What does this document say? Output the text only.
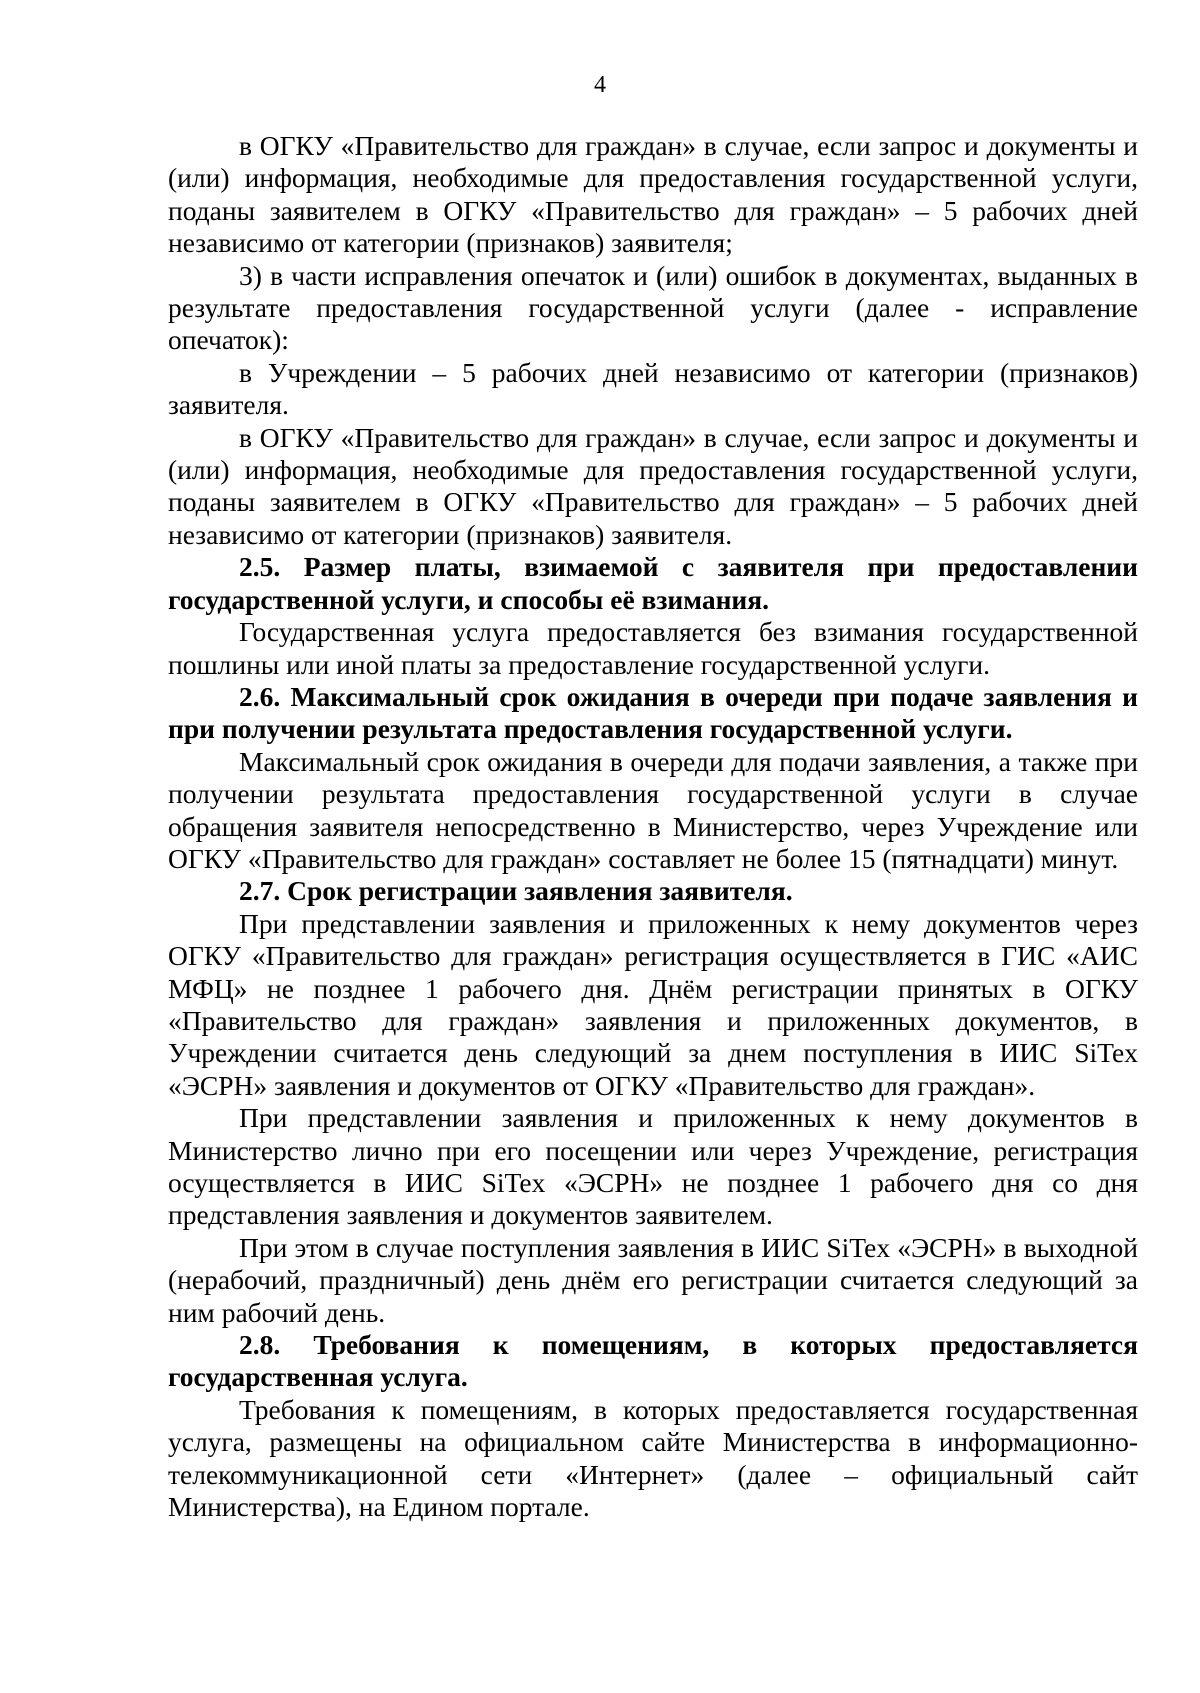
4

в ОГКУ «Правительство для граждан» в случае, если запрос и документы и (или) информация, необходимые для предоставления государственной услуги, поданы заявителем в ОГКУ «Правительство для граждан» – 5 рабочих дней независимо от категории (признаков) заявителя;

3) в части исправления опечаток и (или) ошибок в документах, выданных в результате предоставления государственной услуги (далее - исправление опечаток):

в Учреждении – 5 рабочих дней независимо от категории (признаков) заявителя.

в ОГКУ «Правительство для граждан» в случае, если запрос и документы и (или) информация, необходимые для предоставления государственной услуги, поданы заявителем в ОГКУ «Правительство для граждан» – 5 рабочих дней независимо от категории (признаков) заявителя.

2.5. Размер платы, взимаемой с заявителя при предоставлении государственной услуги, и способы её взимания.

Государственная услуга предоставляется без взимания государственной пошлины или иной платы за предоставление государственной услуги.

2.6. Максимальный срок ожидания в очереди при подаче заявления и при получении результата предоставления государственной услуги.

Максимальный срок ожидания в очереди для подачи заявления, а также при получении результата предоставления государственной услуги в случае обращения заявителя непосредственно в Министерство, через Учреждение или ОГКУ «Правительство для граждан» составляет не более 15 (пятнадцати) минут.

2.7. Срок регистрации заявления заявителя.

При представлении заявления и приложенных к нему документов через ОГКУ «Правительство для граждан» регистрация осуществляется в ГИС «АИС МФЦ» не позднее 1 рабочего дня. Днём регистрации принятых в ОГКУ «Правительство для граждан» заявления и приложенных документов, в Учреждении считается день следующий за днем поступления в ИИС SiTex «ЭСРН» заявления и документов от ОГКУ «Правительство для граждан».

При представлении заявления и приложенных к нему документов в Министерство лично при его посещении или через Учреждение, регистрация осуществляется в ИИС SiTex «ЭСРН» не позднее 1 рабочего дня со дня представления заявления и документов заявителем.

При этом в случае поступления заявления в ИИС SiTex «ЭСРН» в выходной (нерабочий, праздничный) день днём его регистрации считается следующий за ним рабочий день.

2.8. Требования к помещениям, в которых предоставляется государственная услуга.

Требования к помещениям, в которых предоставляется государственная услуга, размещены на официальном сайте Министерства в информационно-телекоммуникационной сети «Интернет» (далее – официальный сайт Министерства), на Едином портале.
